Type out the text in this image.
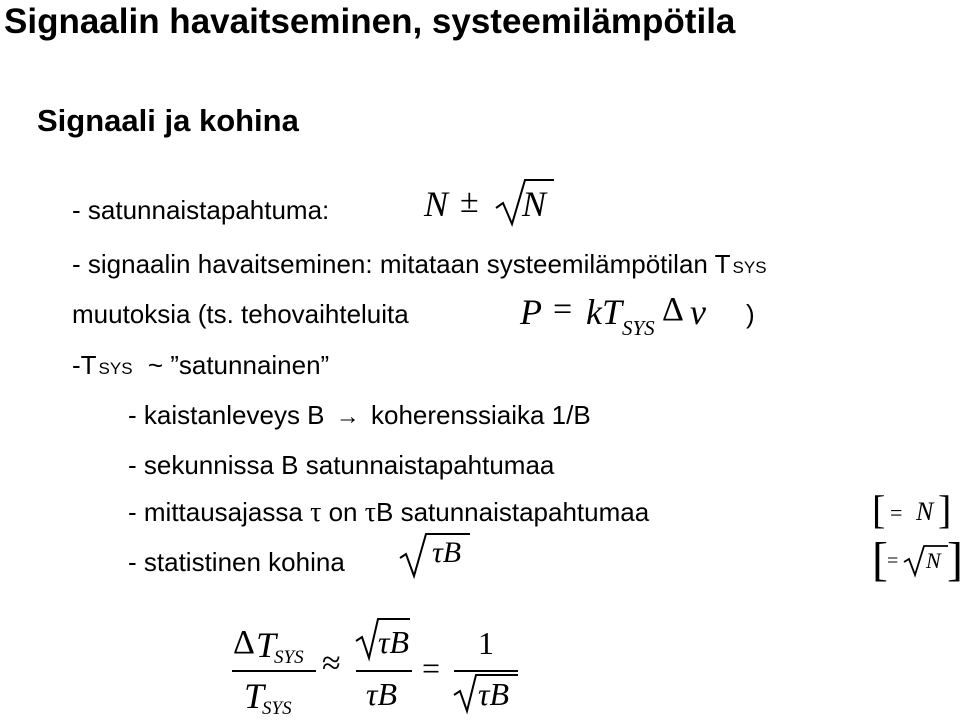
Signaalin havaitseminen, systeemilämpötila
Signaali ja kohina
- satunnaistapahtuma:	N ± N
- signaalin havaitseminen: mitataan systeemilämpötilan T SYS
muutoksia (ts. tehovaihteluita	P = kT SYS Δ ν )
-T SYS ~ ”satunnainen”
- kaistanleveys B → koherenssiaika 1/B
- sekunnissa B satunnaistapahtumaa
- mittausajassa τ on τB satunnaistapahtumaa	[ = N ]
- statistinen kohina	τB	[ = N ]
Δ T
SYS
T
SYS
≈
τB
τB
=
1
τB
